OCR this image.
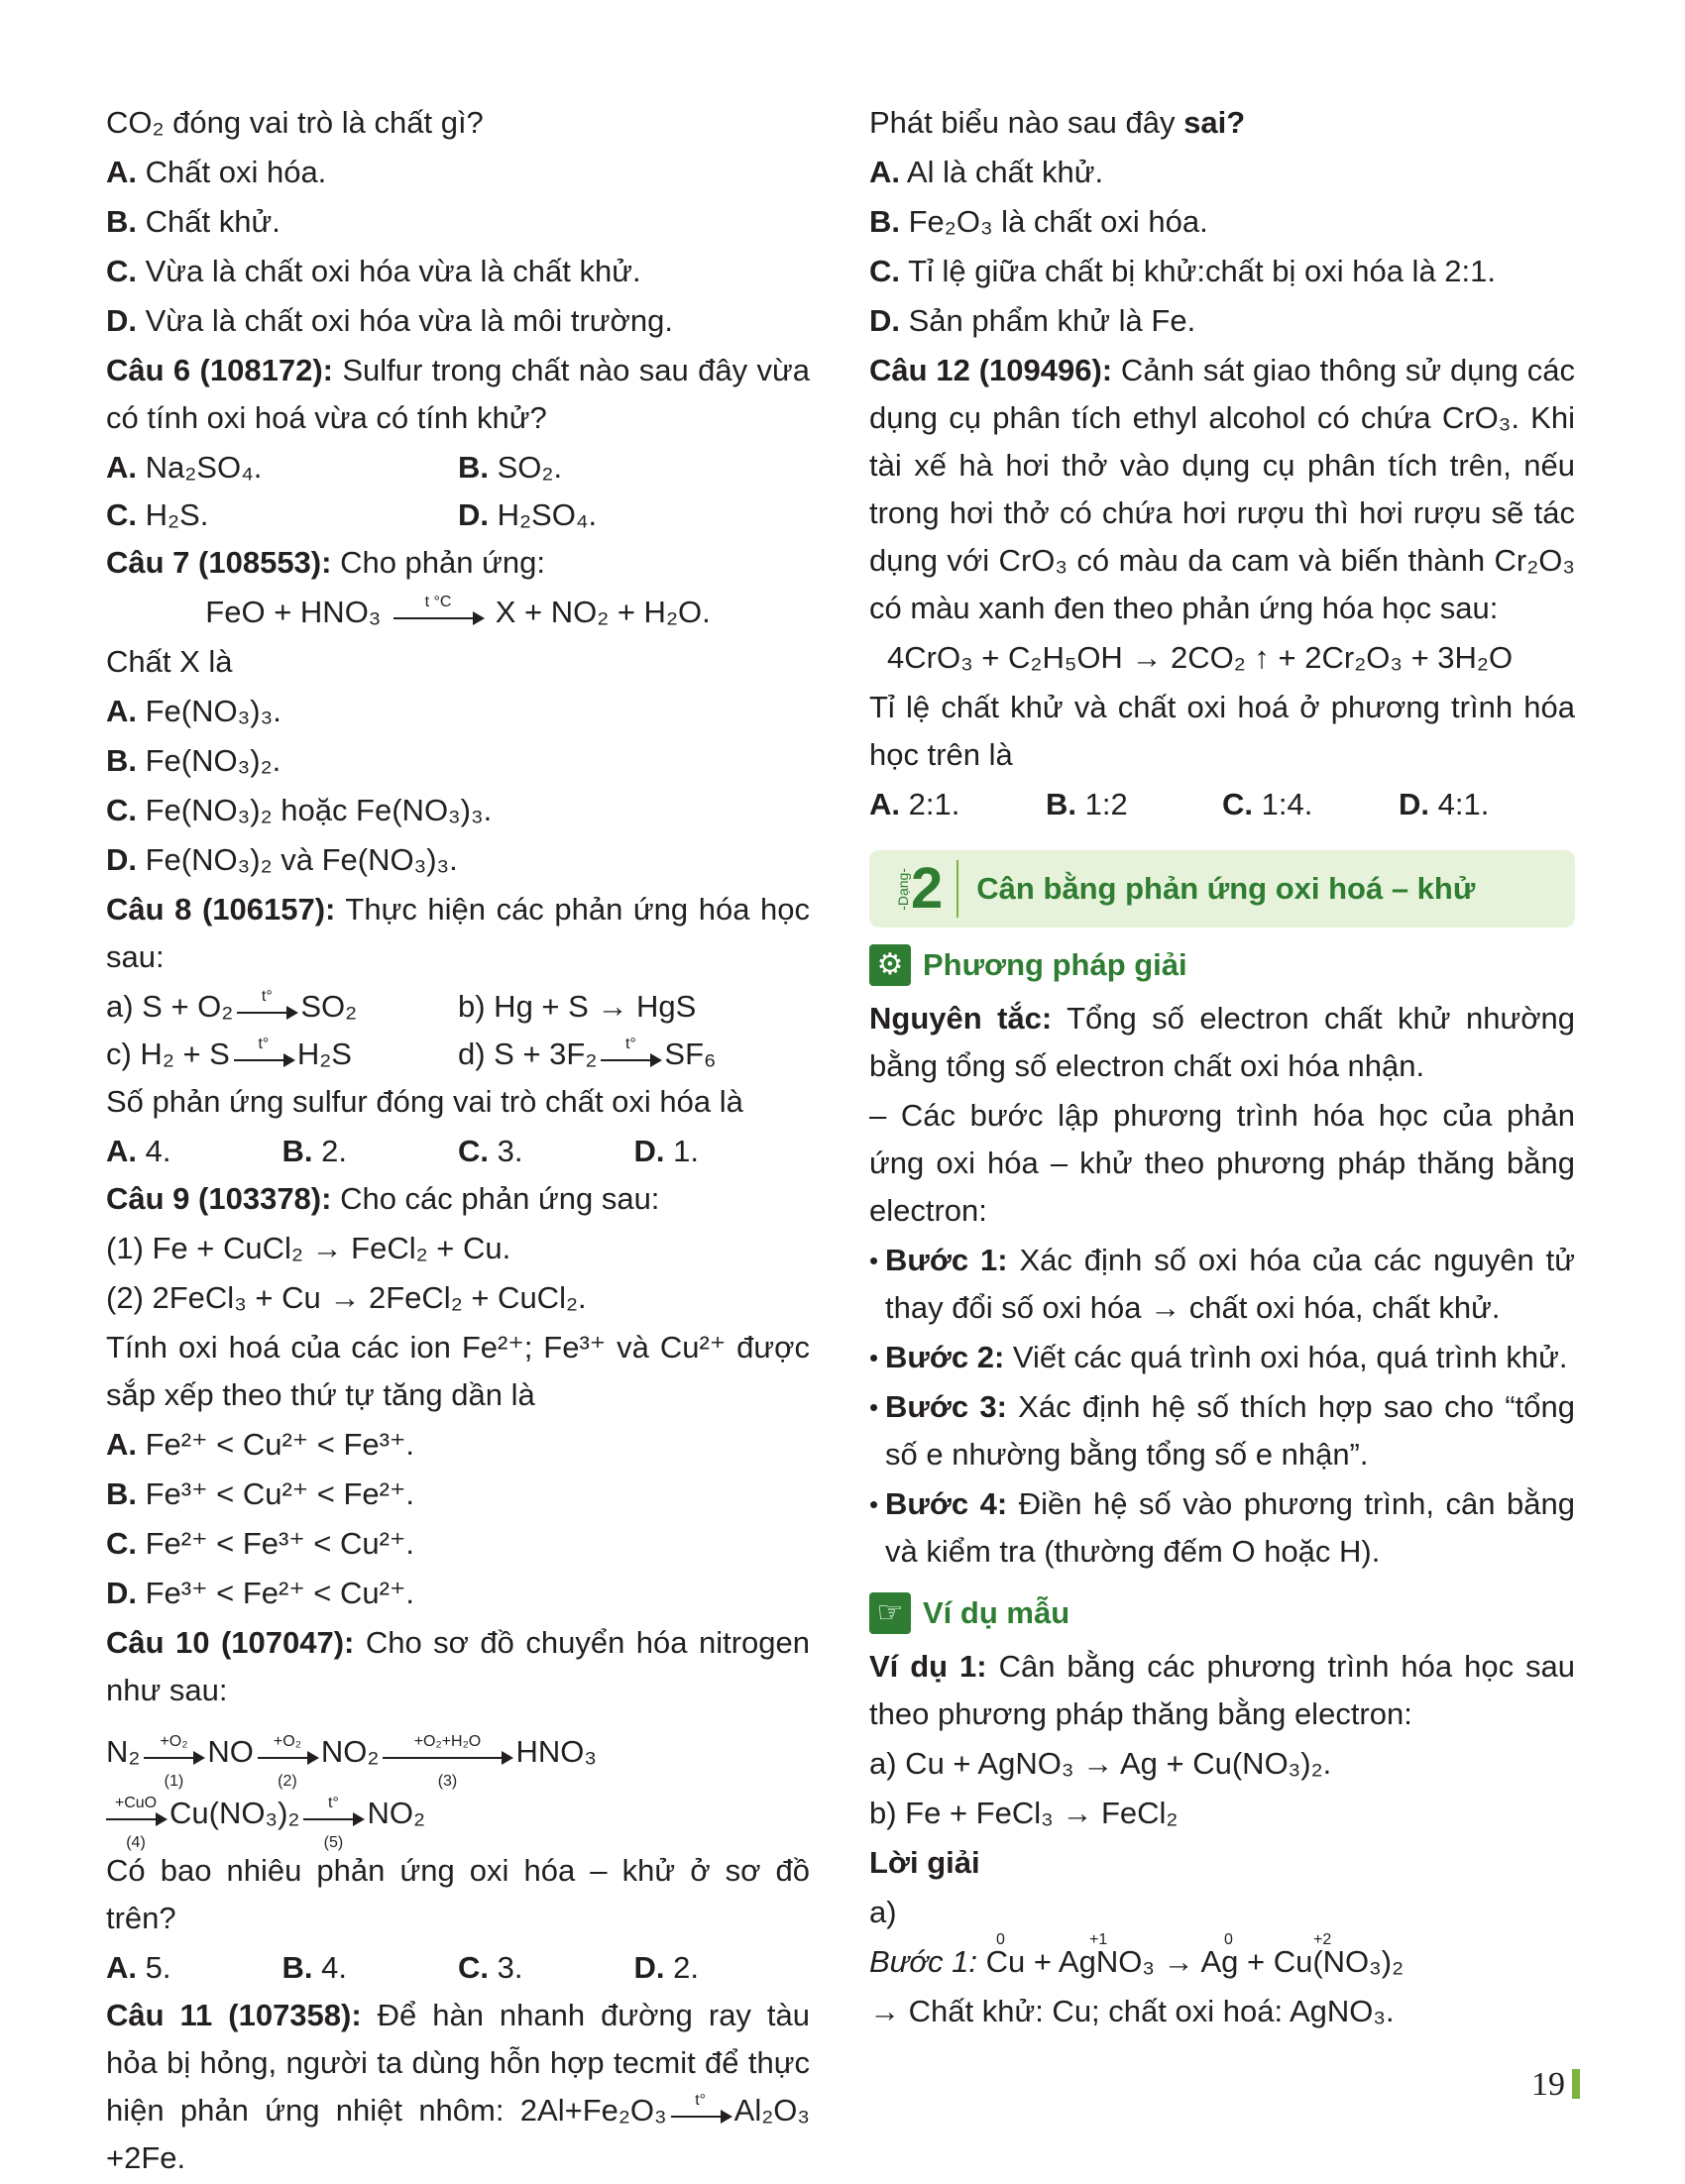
CO₂ đóng vai trò là chất gì?

A. Chất oxi hóa.

B. Chất khử.

C. Vừa là chất oxi hóa vừa là chất khử.

D. Vừa là chất oxi hóa vừa là môi trường.

Câu 6 (108172): Sulfur trong chất nào sau đây vừa có tính oxi hoá vừa có tính khử?

A. Na₂SO₄.	B. SO₂.
C. H₂S.	D. H₂SO₄.

Câu 7 (108553): Cho phản ứng:

FeO + HNO₃	t °C	X + NO₂ + H₂O.

Chất X là

A. Fe(NO₃)₃.

B. Fe(NO₃)₂.

C. Fe(NO₃)₂ hoặc Fe(NO₃)₃.

D. Fe(NO₃)₂ và Fe(NO₃)₃.

Câu 8 (106157): Thực hiện các phản ứng hóa học sau:

a) S + O₂	t° SO₂	b) Hg + S → HgS
c) H₂ + S	t° H₂S	d) S + 3F₂	t° SF₆

Số phản ứng sulfur đóng vai trò chất oxi hóa là

A. 4.	B. 2.	C. 3.	D. 1.

Câu 9 (103378): Cho các phản ứng sau:

(1) Fe + CuCl₂ → FeCl₂ + Cu.

(2) 2FeCl₃ + Cu → 2FeCl₂ + CuCl₂.

Tính oxi hoá của các ion Fe²⁺; Fe³⁺ và Cu²⁺ được sắp xếp theo thứ tự tăng dần là

A. Fe²⁺ < Cu²⁺ < Fe³⁺.

B. Fe³⁺ < Cu²⁺ < Fe²⁺.

C. Fe²⁺ < Fe³⁺ < Cu²⁺.

D. Fe³⁺ < Fe²⁺ < Cu²⁺.

Câu 10 (107047): Cho sơ đồ chuyển hóa nitrogen như sau:

$N_2 \frac{\text{+O₂}}{(1)}$ NO $\frac{\text{+O₂}}{(2)} NO_2 \frac{\text{+O₂+H₂O}}{(3)} HNO_3$

+CuO
(4)
$Cu(NO_3)_2 \frac{t^\circ}{(5)} NO_2$

Có bao nhiêu phản ứng oxi hóa – khử ở sơ đồ trên?

A. 5.	B. 4.	C. 3.	D. 2.

Câu 11 (107358): Để hàn nhanh đường ray tàu hỏa bị hỏng, người ta dùng hỗn hợp tecmit để thực hiện phản ứng nhiệt nhôm: 2Al+Fe₂O₃	t° Al₂O₃ +2Fe.

Phát biểu nào sau đây sai?

A. Al là chất khử.

B. Fe₂O₃ là chất oxi hóa.

C. Tỉ lệ giữa chất bị khử:chất bị oxi hóa là 2:1.

D. Sản phẩm khử là Fe.

Câu 12 (109496): Cảnh sát giao thông sử dụng các dụng cụ phân tích ethyl alcohol có chứa CrO₃. Khi tài xế hà hơi thở vào dụng cụ phân tích trên, nếu trong hơi thở có chứa hơi rượu thì hơi rượu sẽ tác dụng với CrO₃ có màu da cam và biến thành Cr₂O₃ có màu xanh đen theo phản ứng hóa học sau:

4CrO₃ + C₂H₅OH → 2CO₂ ↑ + 2Cr₂O₃ + 3H₂O

Tỉ lệ chất khử và chất oxi hoá ở phương trình hóa học trên là

A. 2:1.	B. 1:2	C. 1:4.	D. 4:1.
-Dạng- 2 Cân bằng phản ứng oxi hoá – khử
⚙ Phương pháp giải

Nguyên tắc: Tổng số electron chất khử nhường bằng tổng số electron chất oxi hóa nhận.

– Các bước lập phương trình hóa học của phản ứng oxi hóa – khử theo phương pháp thăng bằng electron:

• Bước 1: Xác định số oxi hóa của các nguyên tử thay đổi số oxi hóa → chất oxi hóa, chất khử.

• Bước 2: Viết các quá trình oxi hóa, quá trình khử.

• Bước 3: Xác định hệ số thích hợp sao cho “tổng số e nhường bằng tổng số e nhận”.

• Bước 4: Điền hệ số vào phương trình, cân bằng và kiểm tra (thường đếm O hoặc H).

☞ Ví dụ mẫu

Ví dụ 1: Cân bằng các phương trình hóa học sau theo phương pháp thăng bằng electron:

a) Cu + AgNO₃ → Ag + Cu(NO₃)₂.

b) Fe + FeCl₃ → FeCl₂

Lời giải

a)

Bước 1: Cu + AgNO₃ → Ag + Cu(NO₃)₂
0	+1	0	+2

→ Chất khử: Cu; chất oxi hoá: AgNO₃.

19
